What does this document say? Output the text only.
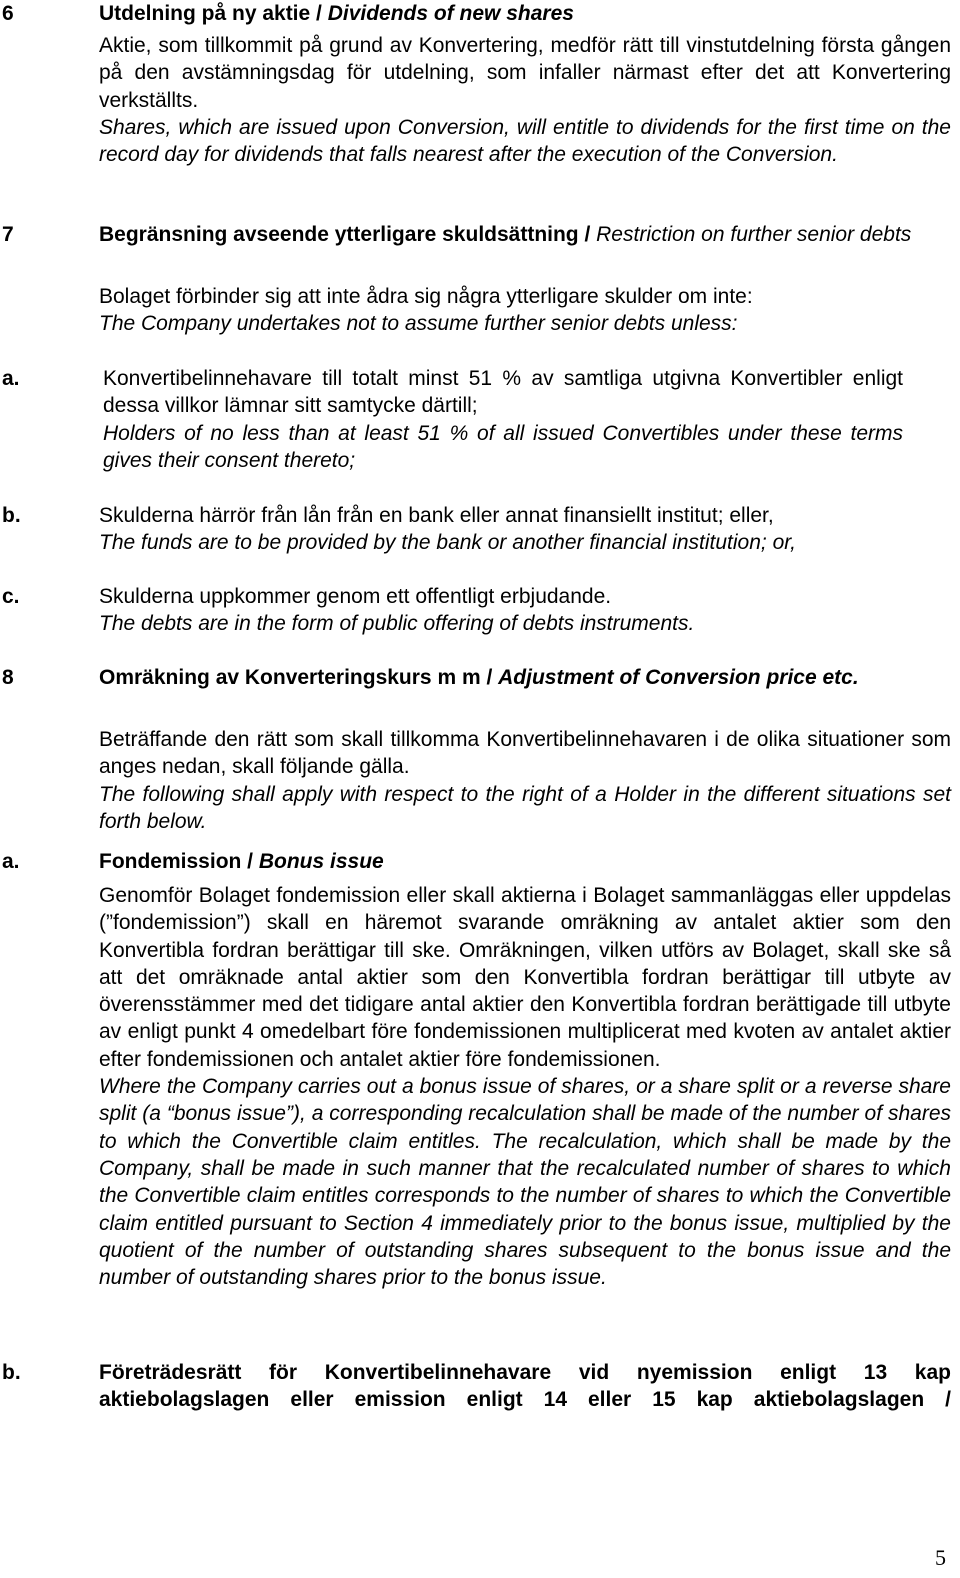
6	Utdelning på ny aktie / Dividends of new shares

Aktie, som tillkommit på grund av Konvertering, medför rätt till vinstutdelning första gången på den avstämningsdag för utdelning, som infaller närmast efter det att Konvertering verkställts.

Shares, which are issued upon Conversion, will entitle to dividends for the first time on the record day for dividends that falls nearest after the execution of the Conversion.

7	Begränsning avseende ytterligare skuldsättning / Restriction on further senior debts

Bolaget förbinder sig att inte ådra sig några ytterligare skulder om inte:

The Company undertakes not to assume further senior debts unless:

a.	Konvertibelinnehavare till totalt minst 51 % av samtliga utgivna Konvertibler enligt dessa villkor lämnar sitt samtycke därtill;

Holders of no less than at least 51 % of all issued Convertibles under these terms gives their consent thereto;

b.	Skulderna härrör från lån från en bank eller annat finansiellt institut; eller,

The funds are to be provided by the bank or another financial institution; or,

c.	Skulderna uppkommer genom ett offentligt erbjudande.

The debts are in the form of public offering of debts instruments.

8	Omräkning av Konverteringskurs m m / Adjustment of Conversion price etc.

Beträffande den rätt som skall tillkomma Konvertibelinnehavaren i de olika situationer som anges nedan, skall följande gälla.

The following shall apply with respect to the right of a Holder in the different situations set forth below.

a.	Fondemission / Bonus issue

Genomför Bolaget fondemission eller skall aktierna i Bolaget sammanläggas eller uppdelas (”fondemission”) skall en häremot svarande omräkning av antalet aktier som den Konvertibla fordran berättigar till ske. Omräkningen, vilken utförs av Bolaget, skall ske så att det omräknade antal aktier som den Konvertibla fordran berättigar till utbyte av överensstämmer med det tidigare antal aktier den Konvertibla fordran berättigade till utbyte av enligt punkt 4 omedelbart före fondemissionen multiplicerat med kvoten av antalet aktier efter fondemissionen och antalet aktier före fondemissionen.

Where the Company carries out a bonus issue of shares, or a share split or a reverse share split (a “bonus issue”), a corresponding recalculation shall be made of the number of shares to which the Convertible claim entitles. The recalculation, which shall be made by the Company, shall be made in such manner that the recalculated number of shares to which the Convertible claim entitles corresponds to the number of shares to which the Convertible claim entitled pursuant to Section 4 immediately prior to the bonus issue, multiplied by the quotient of the number of outstanding shares subsequent to the bonus issue and the number of outstanding shares prior to the bonus issue.

b.	Företrädesrätt för Konvertibelinnehavare vid nyemission enligt 13 kap aktiebolagslagen eller emission enligt 14 eller 15 kap aktiebolagslagen /
5
